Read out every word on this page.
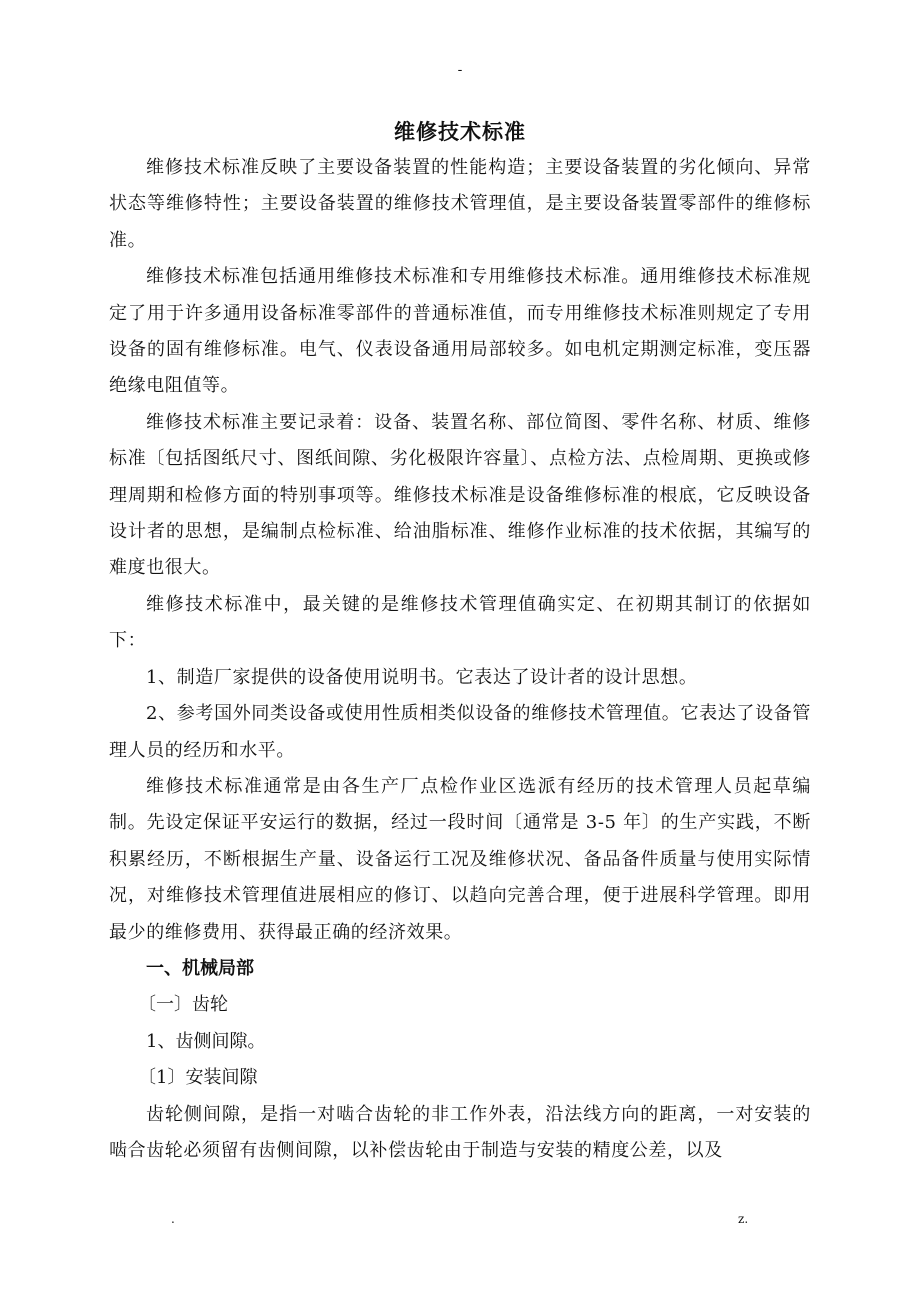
-
维修技术标准

维修技术标准反映了主要设备装置的性能构造；主要设备装置的劣化倾向、异常状态等维修特性；主要设备装置的维修技术管理值，是主要设备装置零部件的维修标准。

维修技术标准包括通用维修技术标准和专用维修技术标准。通用维修技术标准规定了用于许多通用设备标准零部件的普通标准值，而专用维修技术标准则规定了专用设备的固有维修标准。电气、仪表设备通用局部较多。如电机定期测定标准，变压器绝缘电阻值等。

维修技术标准主要记录着：设备、装置名称、部位简图、零件名称、材质、维修标准〔包括图纸尺寸、图纸间隙、劣化极限许容量〕、点检方法、点检周期、更换或修理周期和检修方面的特别事项等。维修技术标准是设备维修标准的根底，它反映设备设计者的思想，是编制点检标准、给油脂标准、维修作业标准的技术依据，其编写的难度也很大。

维修技术标准中，最关键的是维修技术管理值确实定、在初期其制订的依据如下：

1、制造厂家提供的设备使用说明书。它表达了设计者的设计思想。

2、参考国外同类设备或使用性质相类似设备的维修技术管理值。它表达了设备管理人员的经历和水平。

维修技术标准通常是由各生产厂点检作业区选派有经历的技术管理人员起草编制。先设定保证平安运行的数据，经过一段时间〔通常是 3-5 年〕的生产实践，不断积累经历，不断根据生产量、设备运行工况及维修状况、备品备件质量与使用实际情况，对维修技术管理值进展相应的修订、以趋向完善合理，便于进展科学管理。即用最少的维修费用、获得最正确的经济效果。

一、机械局部

〔一〕齿轮

1、齿侧间隙。

〔1〕安装间隙

齿轮侧间隙，是指一对啮合齿轮的非工作外表，沿法线方向的距离，一对安装的啮合齿轮必须留有齿侧间隙，以补偿齿轮由于制造与安装的精度公差，以及

.	z.
